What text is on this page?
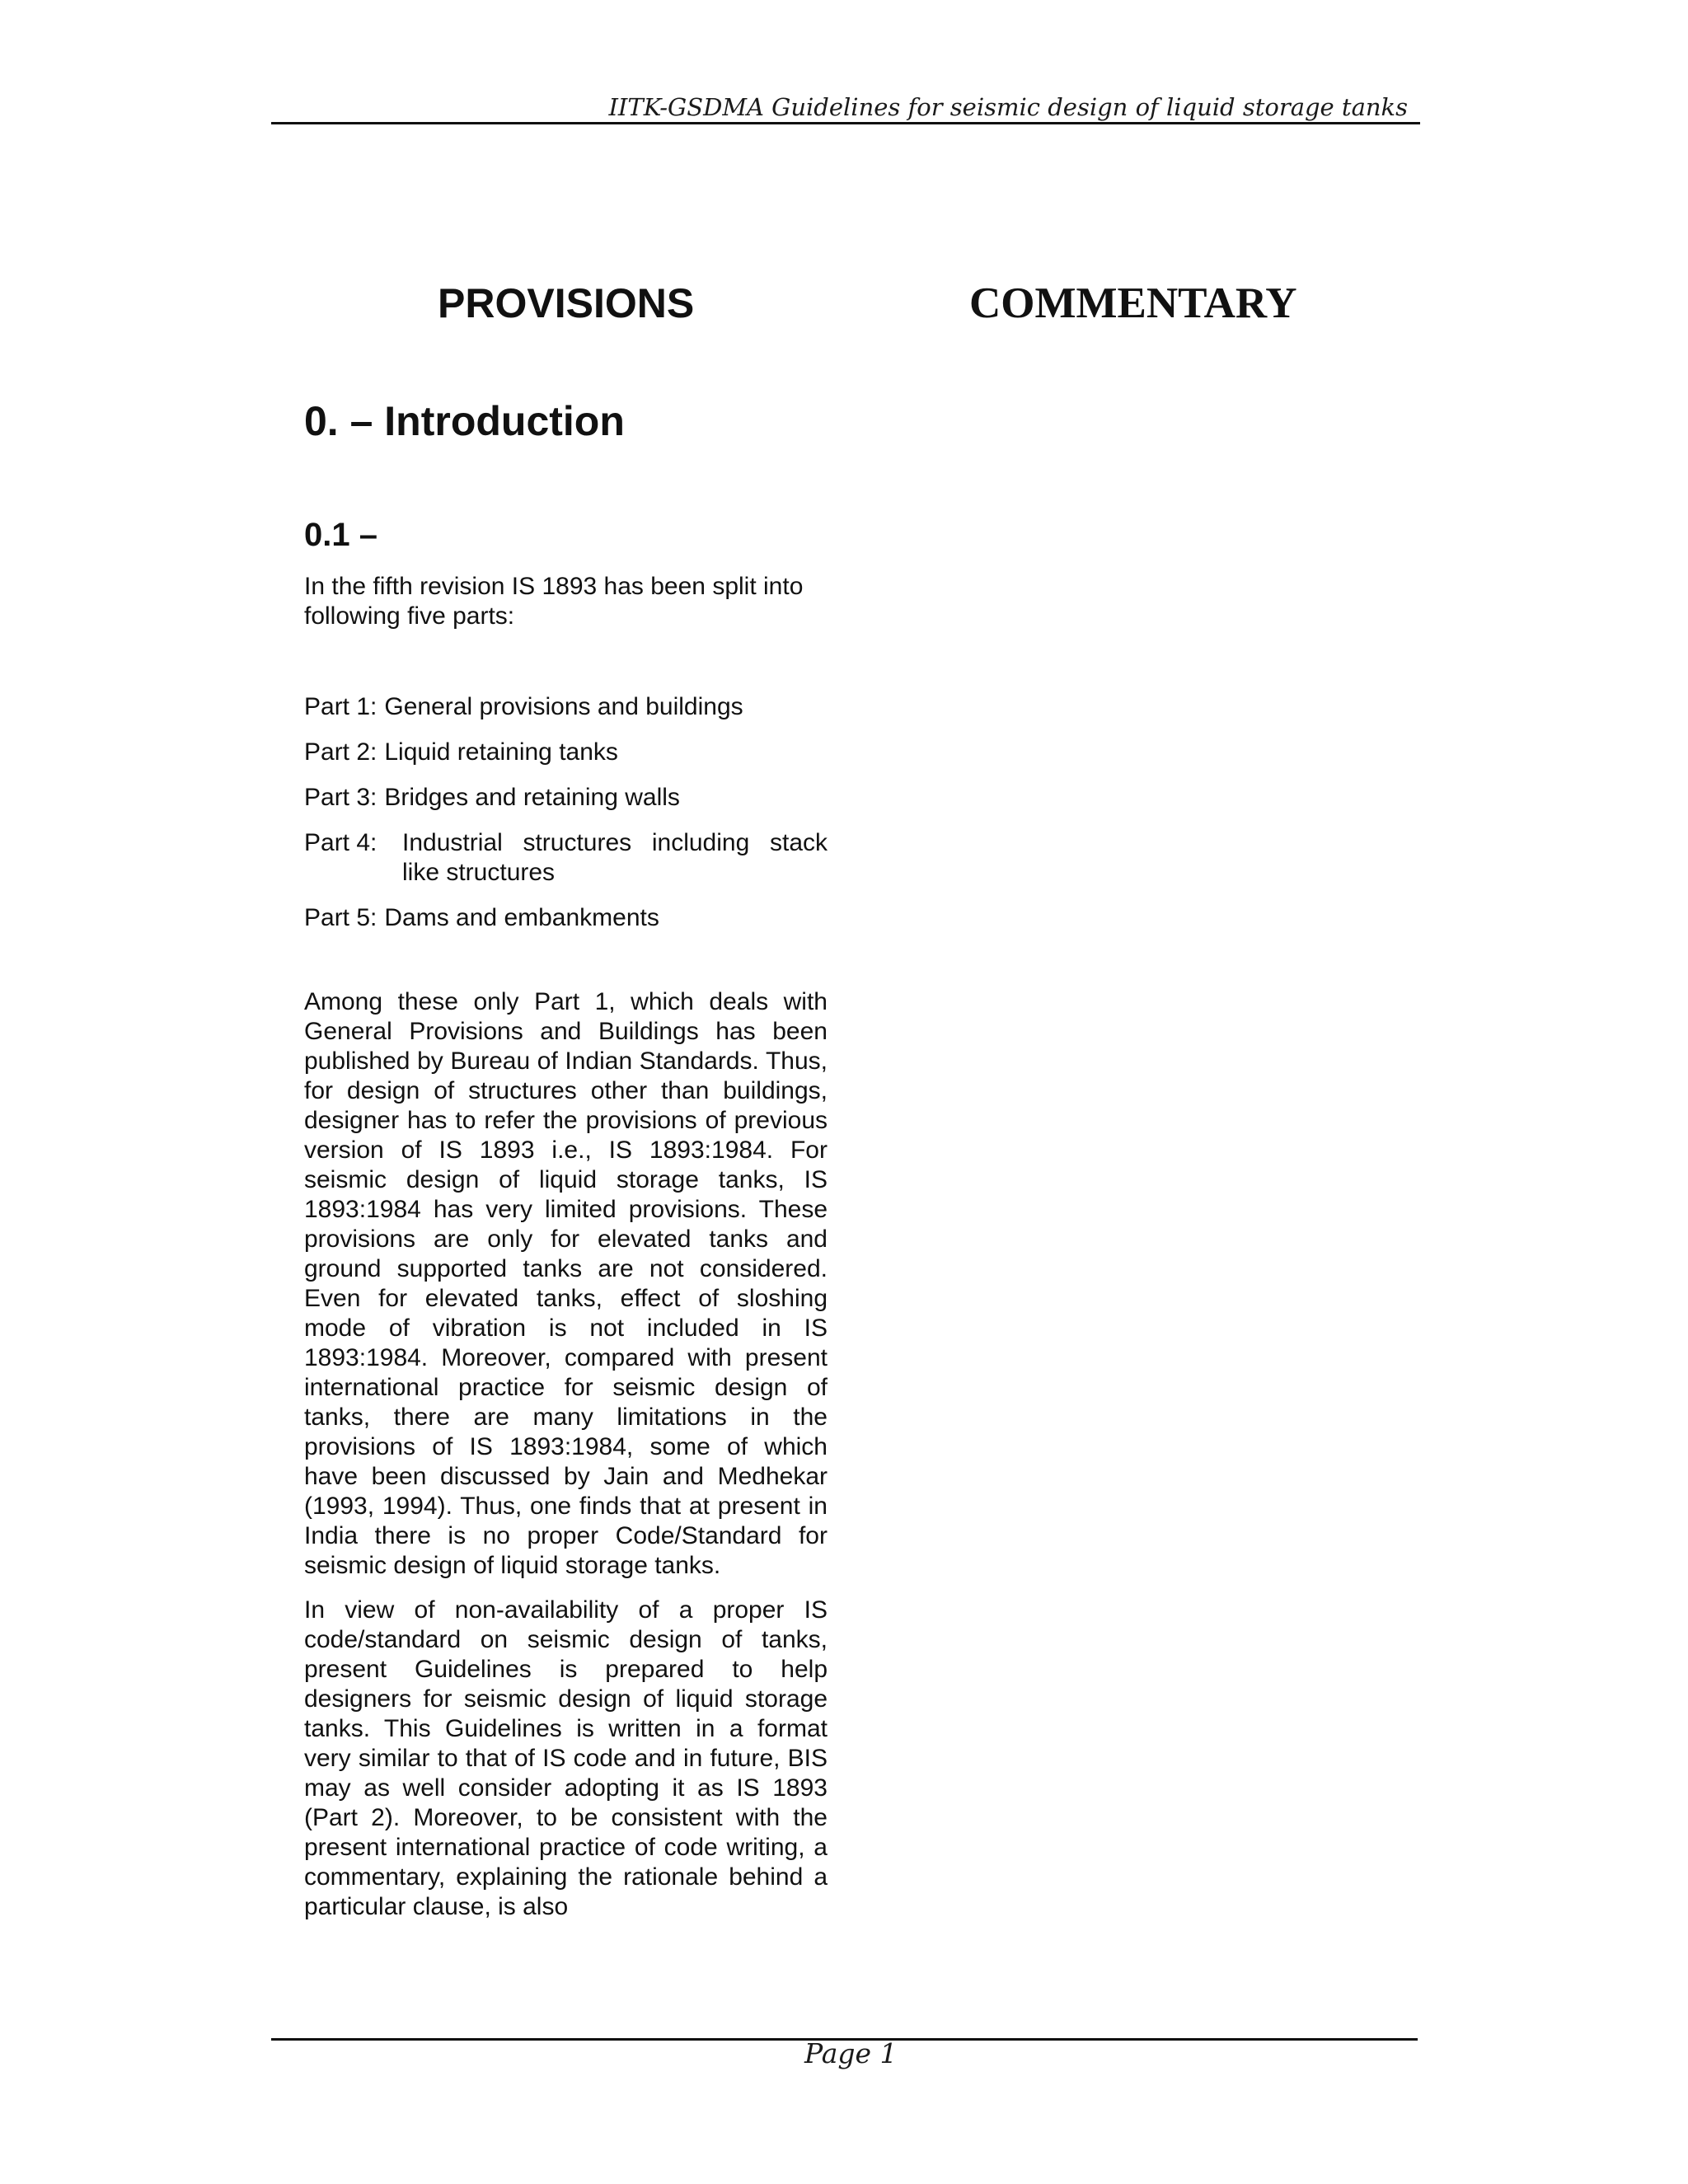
IITK-GSDMA Guidelines for seismic design of liquid storage tanks
PROVISIONS	COMMENTARY
0. – Introduction
0.1 –

In the fifth revision IS 1893 has been split into following five parts:

Part 1: General provisions and buildings
Part 2: Liquid retaining tanks
Part 3: Bridges and retaining walls
Part 4:	Industrial structures including stack like structures
Part 5: Dams and embankments

Among these only Part 1, which deals with General Provisions and Buildings has been published by Bureau of Indian Standards. Thus, for design of structures other than buildings, designer has to refer the provisions of previous version of IS 1893 i.e., IS 1893:1984. For seismic design of liquid storage tanks, IS 1893:1984 has very limited provisions. These provisions are only for elevated tanks and ground supported tanks are not considered. Even for elevated tanks, effect of sloshing mode of vibration is not included in IS 1893:1984. Moreover, compared with present international practice for seismic design of tanks, there are many limitations in the provisions of IS 1893:1984, some of which have been discussed by Jain and Medhekar (1993, 1994). Thus, one finds that at present in India there is no proper Code/Standard for seismic design of liquid storage tanks.

In view of non-availability of a proper IS code/standard on seismic design of tanks, present Guidelines is prepared to help designers for seismic design of liquid storage tanks. This Guidelines is written in a format very similar to that of IS code and in future, BIS may as well consider adopting it as IS 1893 (Part 2). Moreover, to be consistent with the present international practice of code writing, a commentary, explaining the rationale behind a particular clause, is also

Page 1
